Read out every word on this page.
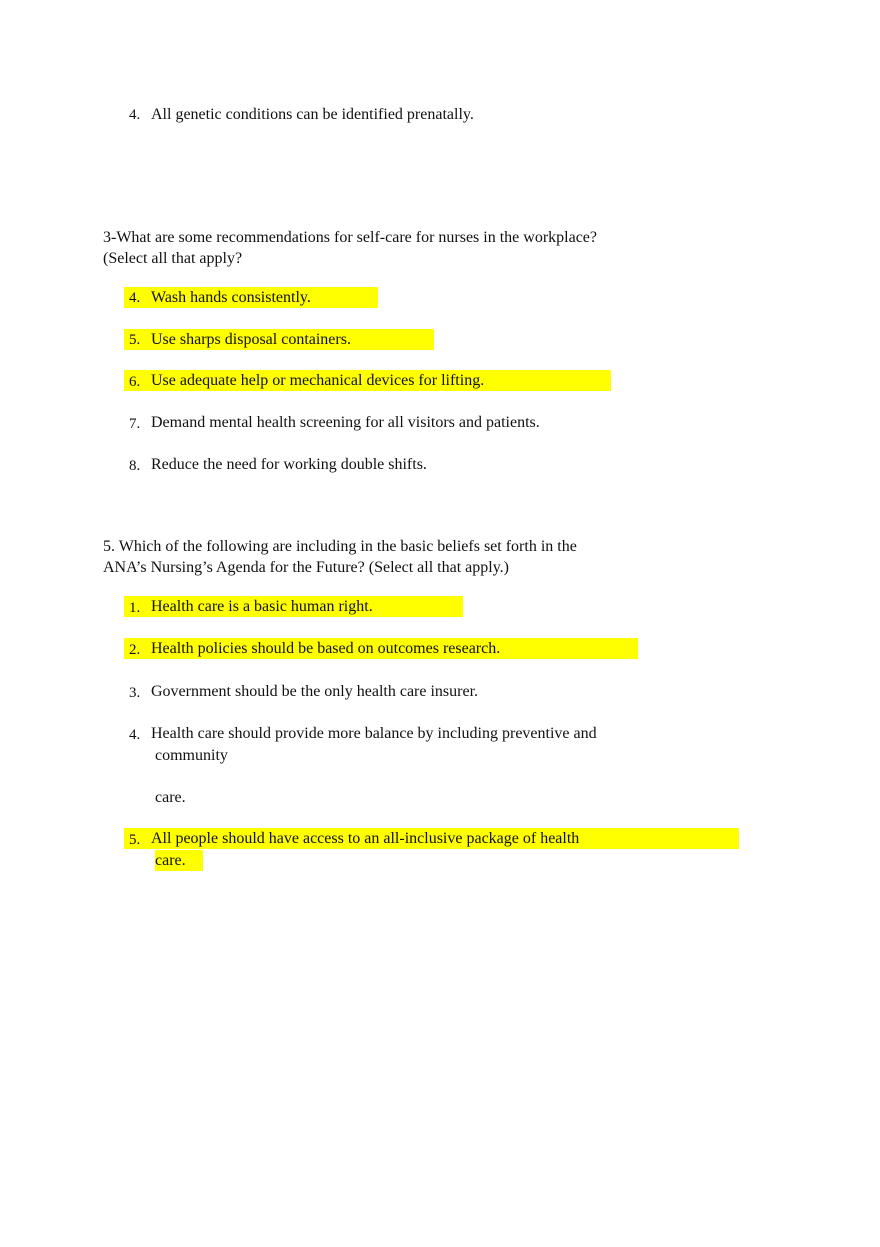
4. All genetic conditions can be identified prenatally.
3-What are some recommendations for self-care for nurses in the workplace?
(Select all that apply?
4. Wash hands consistently.
5. Use sharps disposal containers.
6. Use adequate help or mechanical devices for lifting.
7. Demand mental health screening for all visitors and patients.
8. Reduce the need for working double shifts.
5. Which of the following are including in the basic beliefs set forth in the
ANA’s Nursing’s Agenda for the Future? (Select all that apply.)
1. Health care is a basic human right.
2. Health policies should be based on outcomes research.
3. Government should be the only health care insurer.
4. Health care should provide more balance by including preventive and
community
care.
5. All people should have access to an all-inclusive package of health
care.
